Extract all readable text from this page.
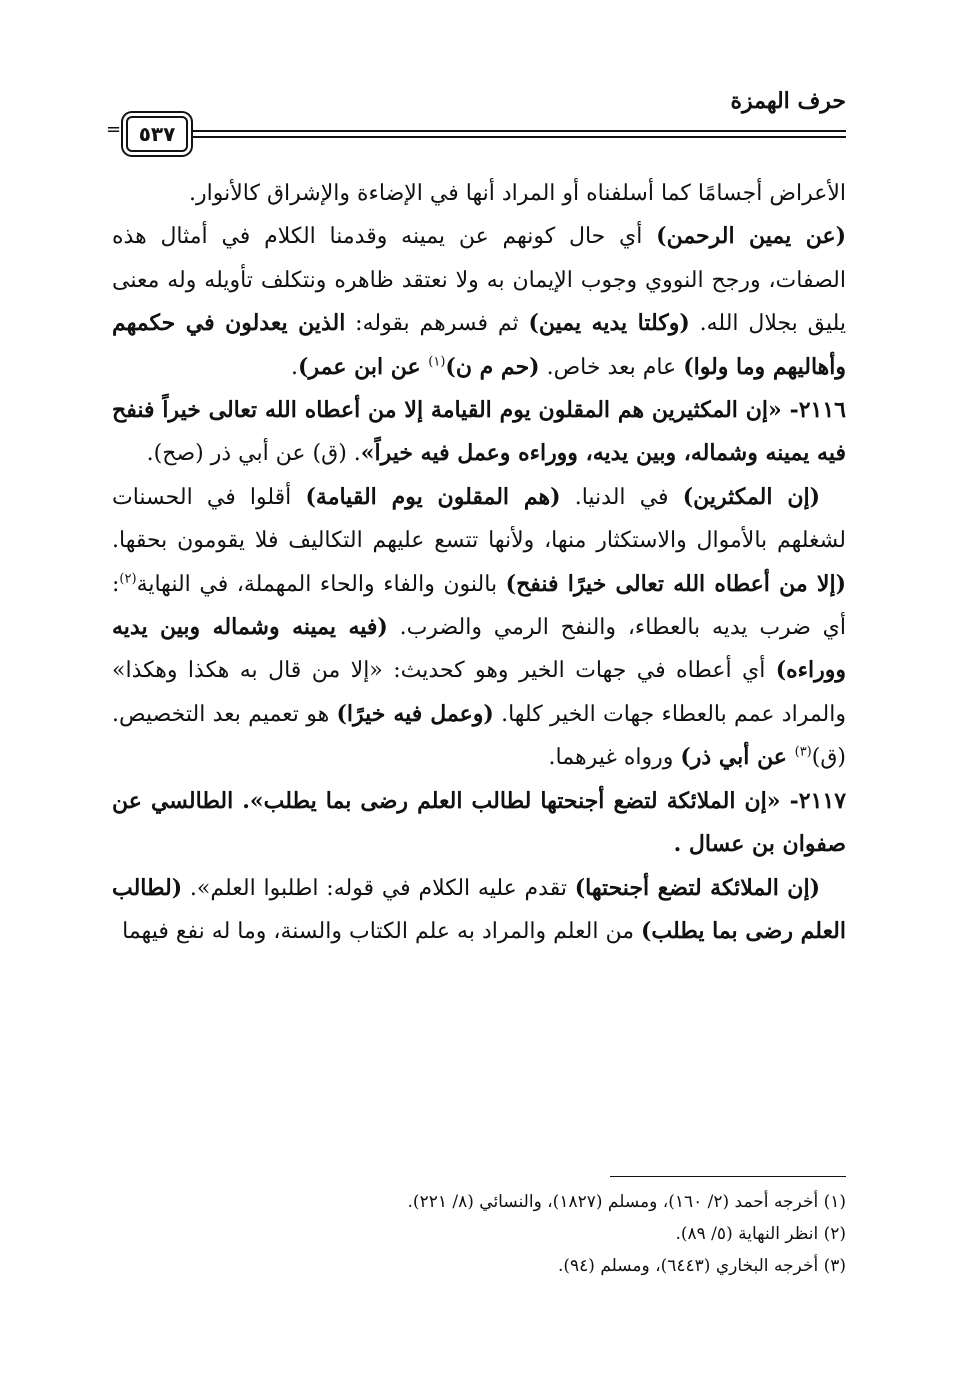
حرف الهمزة
= ٥٣٧

الأعراض أجسامًا كما أسلفناه أو المراد أنها في الإضاءة والإشراق كالأنوار.

(عن يمين الرحمن) أي حال كونهم عن يمينه وقدمنا الكلام في أمثال هذه الصفات، ورجح النووي وجوب الإيمان به ولا نعتقد ظاهره ونتكلف تأويله وله معنى يليق بجلال الله. (وكلتا يديه يمين) ثم فسرهم بقوله: الذين يعدلون في حكمهم وأهاليهم وما ولوا) عام بعد خاص. (حم م ن)$^{(١)}$ عن ابن عمر).

٢١١٦- «إن المكثيرين هم المقلون يوم القيامة إلا من أعطاه الله تعالى خيراً فنفح فيه يمينه وشماله، وبين يديه، ووراءه وعمل فيه خيراً». (ق) عن أبي ذر (صح).

(إن المكثرين) في الدنيا. (هم المقلون يوم القيامة) أقلوا في الحسنات لشغلهم بالأموال والاستكثار منها، ولأنها تتسع عليهم التكاليف فلا يقومون بحقها. (إلا من أعطاه الله تعالى خيرًا فنفح) بالنون والفاء والحاء المهملة، في النهاية$^{(٢)}$: أي ضرب يديه بالعطاء، والنفح الرمي والضرب. (فيه يمينه وشماله وبين يديه ووراءه) أي أعطاه في جهات الخير وهو كحديث: «إلا من قال به هكذا وهكذا» والمراد عمم بالعطاء جهات الخير كلها. (وعمل فيه خيرًا) هو تعميم بعد التخصيص. (ق)$^{(٣)}$ عن أبي ذر) ورواه غيرهما.

٢١١٧- «إن الملائكة لتضع أجنحتها لطالب العلم رضى بما يطلب». الطالسي عن صفوان بن عسال .

(إن الملائكة لتضع أجنحتها) تقدم عليه الكلام في قوله: اطلبوا العلم». (لطالب العلم رضى بما يطلب) من العلم والمراد به علم الكتاب والسنة، وما له نفع فيهما

(١) أخرجه أحمد (٢/ ١٦٠)، ومسلم (١٨٢٧)، والنسائي (٨/ ٢٢١).
(٢) انظر النهاية (٥/ ٨٩).
(٣) أخرجه البخاري (٦٤٤٣)، ومسلم (٩٤).
